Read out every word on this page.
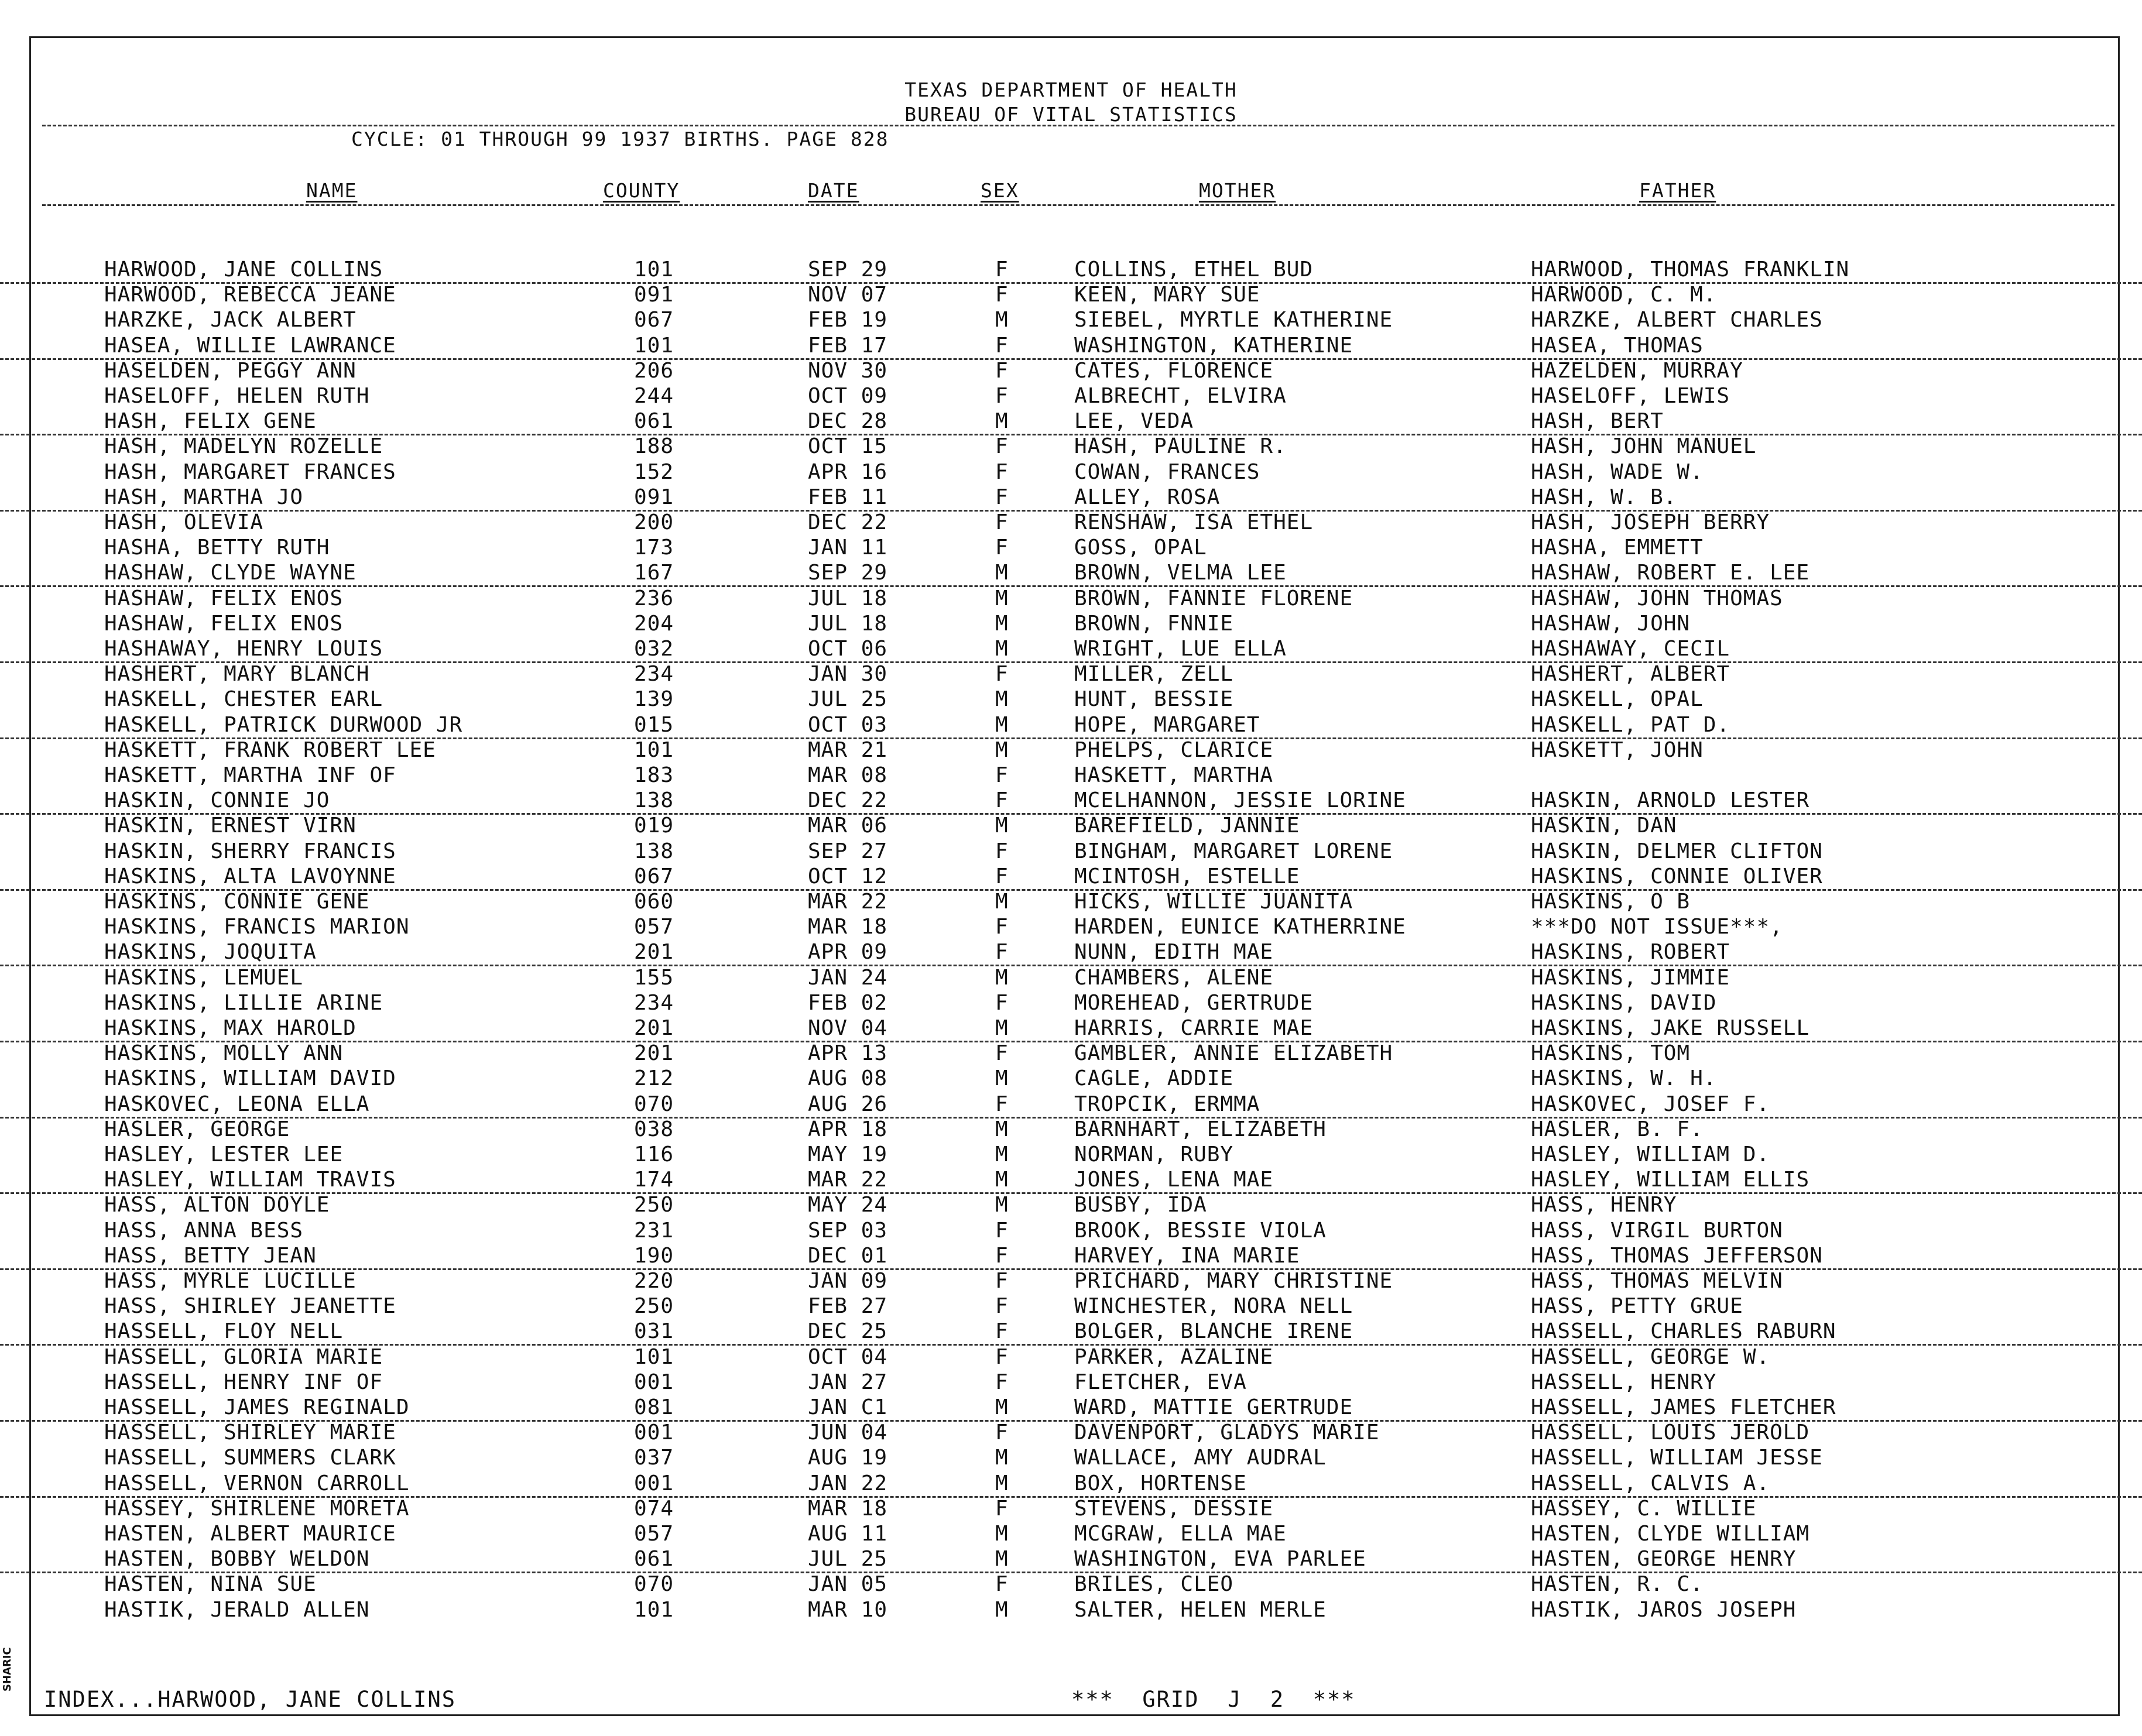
TEXAS DEPARTMENT OF HEALTH
BUREAU OF VITAL STATISTICS
CYCLE: 01 THROUGH 99 1937 BIRTHS. PAGE 828
NAME	COUNTY	DATE	SEX	MOTHER	FATHER
HARWOOD, JANE COLLINS	101	SEP 29	F	COLLINS, ETHEL BUD	HARWOOD, THOMAS FRANKLIN
HARWOOD, REBECCA JEANE	091	NOV 07	F	KEEN, MARY SUE	HARWOOD, C. M.
HARZKE, JACK ALBERT	067	FEB 19	M	SIEBEL, MYRTLE KATHERINE	HARZKE, ALBERT CHARLES
HASEA, WILLIE LAWRANCE	101	FEB 17	F	WASHINGTON, KATHERINE	HASEA, THOMAS
HASELDEN, PEGGY ANN	206	NOV 30	F	CATES, FLORENCE	HAZELDEN, MURRAY
HASELOFF, HELEN RUTH	244	OCT 09	F	ALBRECHT, ELVIRA	HASELOFF, LEWIS
HASH, FELIX GENE	061	DEC 28	M	LEE, VEDA	HASH, BERT
HASH, MADELYN ROZELLE	188	OCT 15	F	HASH, PAULINE R.	HASH, JOHN MANUEL
HASH, MARGARET FRANCES	152	APR 16	F	COWAN, FRANCES	HASH, WADE W.
HASH, MARTHA JO	091	FEB 11	F	ALLEY, ROSA	HASH, W. B.
HASH, OLEVIA	200	DEC 22	F	RENSHAW, ISA ETHEL	HASH, JOSEPH BERRY
HASHA, BETTY RUTH	173	JAN 11	F	GOSS, OPAL	HASHA, EMMETT
HASHAW, CLYDE WAYNE	167	SEP 29	M	BROWN, VELMA LEE	HASHAW, ROBERT E. LEE
HASHAW, FELIX ENOS	236	JUL 18	M	BROWN, FANNIE FLORENE	HASHAW, JOHN THOMAS
HASHAW, FELIX ENOS	204	JUL 18	M	BROWN, FNNIE	HASHAW, JOHN
HASHAWAY, HENRY LOUIS	032	OCT 06	M	WRIGHT, LUE ELLA	HASHAWAY, CECIL
HASHERT, MARY BLANCH	234	JAN 30	F	MILLER, ZELL	HASHERT, ALBERT
HASKELL, CHESTER EARL	139	JUL 25	M	HUNT, BESSIE	HASKELL, OPAL
HASKELL, PATRICK DURWOOD JR	015	OCT 03	M	HOPE, MARGARET	HASKELL, PAT D.
HASKETT, FRANK ROBERT LEE	101	MAR 21	M	PHELPS, CLARICE	HASKETT, JOHN
HASKETT, MARTHA INF OF	183	MAR 08	F	HASKETT, MARTHA
HASKIN, CONNIE JO	138	DEC 22	F	MCELHANNON, JESSIE LORINE	HASKIN, ARNOLD LESTER
HASKIN, ERNEST VIRN	019	MAR 06	M	BAREFIELD, JANNIE	HASKIN, DAN
HASKIN, SHERRY FRANCIS	138	SEP 27	F	BINGHAM, MARGARET LORENE	HASKIN, DELMER CLIFTON
HASKINS, ALTA LAVOYNNE	067	OCT 12	F	MCINTOSH, ESTELLE	HASKINS, CONNIE OLIVER
HASKINS, CONNIE GENE	060	MAR 22	M	HICKS, WILLIE JUANITA	HASKINS, O B
HASKINS, FRANCIS MARION	057	MAR 18	F	HARDEN, EUNICE KATHERRINE	***DO NOT ISSUE***,
HASKINS, JOQUITA	201	APR 09	F	NUNN, EDITH MAE	HASKINS, ROBERT
HASKINS, LEMUEL	155	JAN 24	M	CHAMBERS, ALENE	HASKINS, JIMMIE
HASKINS, LILLIE ARINE	234	FEB 02	F	MOREHEAD, GERTRUDE	HASKINS, DAVID
HASKINS, MAX HAROLD	201	NOV 04	M	HARRIS, CARRIE MAE	HASKINS, JAKE RUSSELL
HASKINS, MOLLY ANN	201	APR 13	F	GAMBLER, ANNIE ELIZABETH	HASKINS, TOM
HASKINS, WILLIAM DAVID	212	AUG 08	M	CAGLE, ADDIE	HASKINS, W. H.
HASKOVEC, LEONA ELLA	070	AUG 26	F	TROPCIK, ERMMA	HASKOVEC, JOSEF F.
HASLER, GEORGE	038	APR 18	M	BARNHART, ELIZABETH	HASLER, B. F.
HASLEY, LESTER LEE	116	MAY 19	M	NORMAN, RUBY	HASLEY, WILLIAM D.
HASLEY, WILLIAM TRAVIS	174	MAR 22	M	JONES, LENA MAE	HASLEY, WILLIAM ELLIS
HASS, ALTON DOYLE	250	MAY 24	M	BUSBY, IDA	HASS, HENRY
HASS, ANNA BESS	231	SEP 03	F	BROOK, BESSIE VIOLA	HASS, VIRGIL BURTON
HASS, BETTY JEAN	190	DEC 01	F	HARVEY, INA MARIE	HASS, THOMAS JEFFERSON
HASS, MYRLE LUCILLE	220	JAN 09	F	PRICHARD, MARY CHRISTINE	HASS, THOMAS MELVIN
HASS, SHIRLEY JEANETTE	250	FEB 27	F	WINCHESTER, NORA NELL	HASS, PETTY GRUE
HASSELL, FLOY NELL	031	DEC 25	F	BOLGER, BLANCHE IRENE	HASSELL, CHARLES RABURN
HASSELL, GLORIA MARIE	101	OCT 04	F	PARKER, AZALINE	HASSELL, GEORGE W.
HASSELL, HENRY INF OF	001	JAN 27	F	FLETCHER, EVA	HASSELL, HENRY
HASSELL, JAMES REGINALD	081	JAN C1	M	WARD, MATTIE GERTRUDE	HASSELL, JAMES FLETCHER
HASSELL, SHIRLEY MARIE	001	JUN 04	F	DAVENPORT, GLADYS MARIE	HASSELL, LOUIS JEROLD
HASSELL, SUMMERS CLARK	037	AUG 19	M	WALLACE, AMY AUDRAL	HASSELL, WILLIAM JESSE
HASSELL, VERNON CARROLL	001	JAN 22	M	BOX, HORTENSE	HASSELL, CALVIS A.
HASSEY, SHIRLENE MORETA	074	MAR 18	F	STEVENS, DESSIE	HASSEY, C. WILLIE
HASTEN, ALBERT MAURICE	057	AUG 11	M	MCGRAW, ELLA MAE	HASTEN, CLYDE WILLIAM
HASTEN, BOBBY WELDON	061	JUL 25	M	WASHINGTON, EVA PARLEE	HASTEN, GEORGE HENRY
HASTEN, NINA SUE	070	JAN 05	F	BRILES, CLEO	HASTEN, R. C.
HASTIK, JERALD ALLEN	101	MAR 10	M	SALTER, HELEN MERLE	HASTIK, JAROS JOSEPH
INDEX...HARWOOD, JANE COLLINS	***  GRID  J  2  ***
SHARIC
